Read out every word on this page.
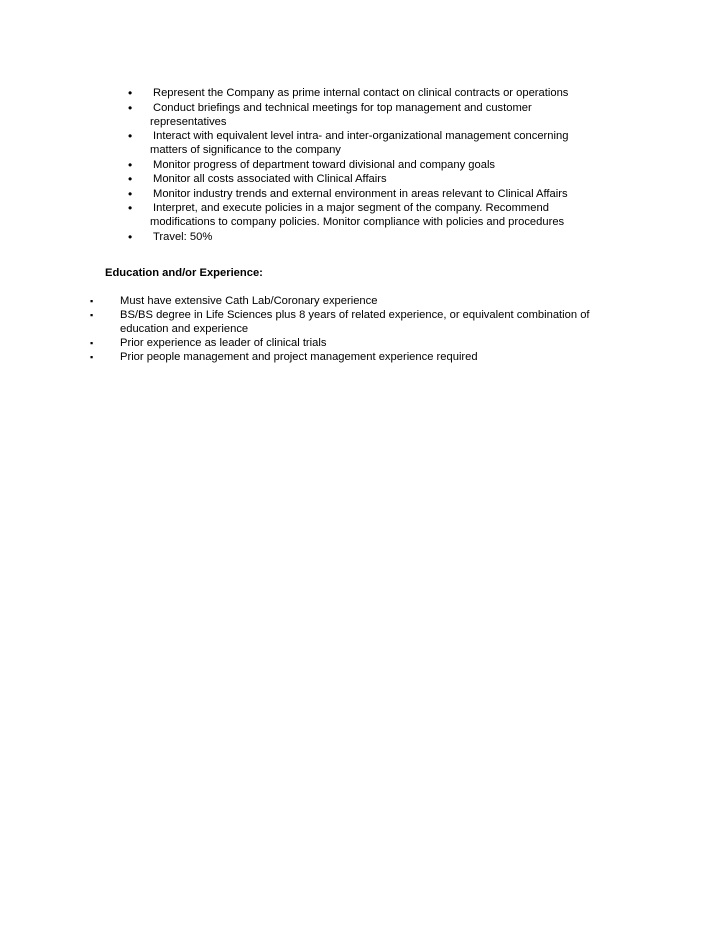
• Represent the Company as prime internal contact on clinical contracts or operations
• Conduct briefings and technical meetings for top management and customer representatives
• Interact with equivalent level intra- and inter-organizational management concerning matters of significance to the company
• Monitor progress of department toward divisional and company goals
• Monitor all costs associated with Clinical Affairs
• Monitor industry trends and external environment in areas relevant to Clinical Affairs
• Interpret, and execute policies in a major segment of the company. Recommend modifications to company policies. Monitor compliance with policies and procedures
• Travel: 50%
Education and/or Experience:
▪ Must have extensive Cath Lab/Coronary experience
▪ BS/BS degree in Life Sciences plus 8 years of related experience, or equivalent combination of education and experience
▪ Prior experience as leader of clinical trials
▪ Prior people management and project management experience required
